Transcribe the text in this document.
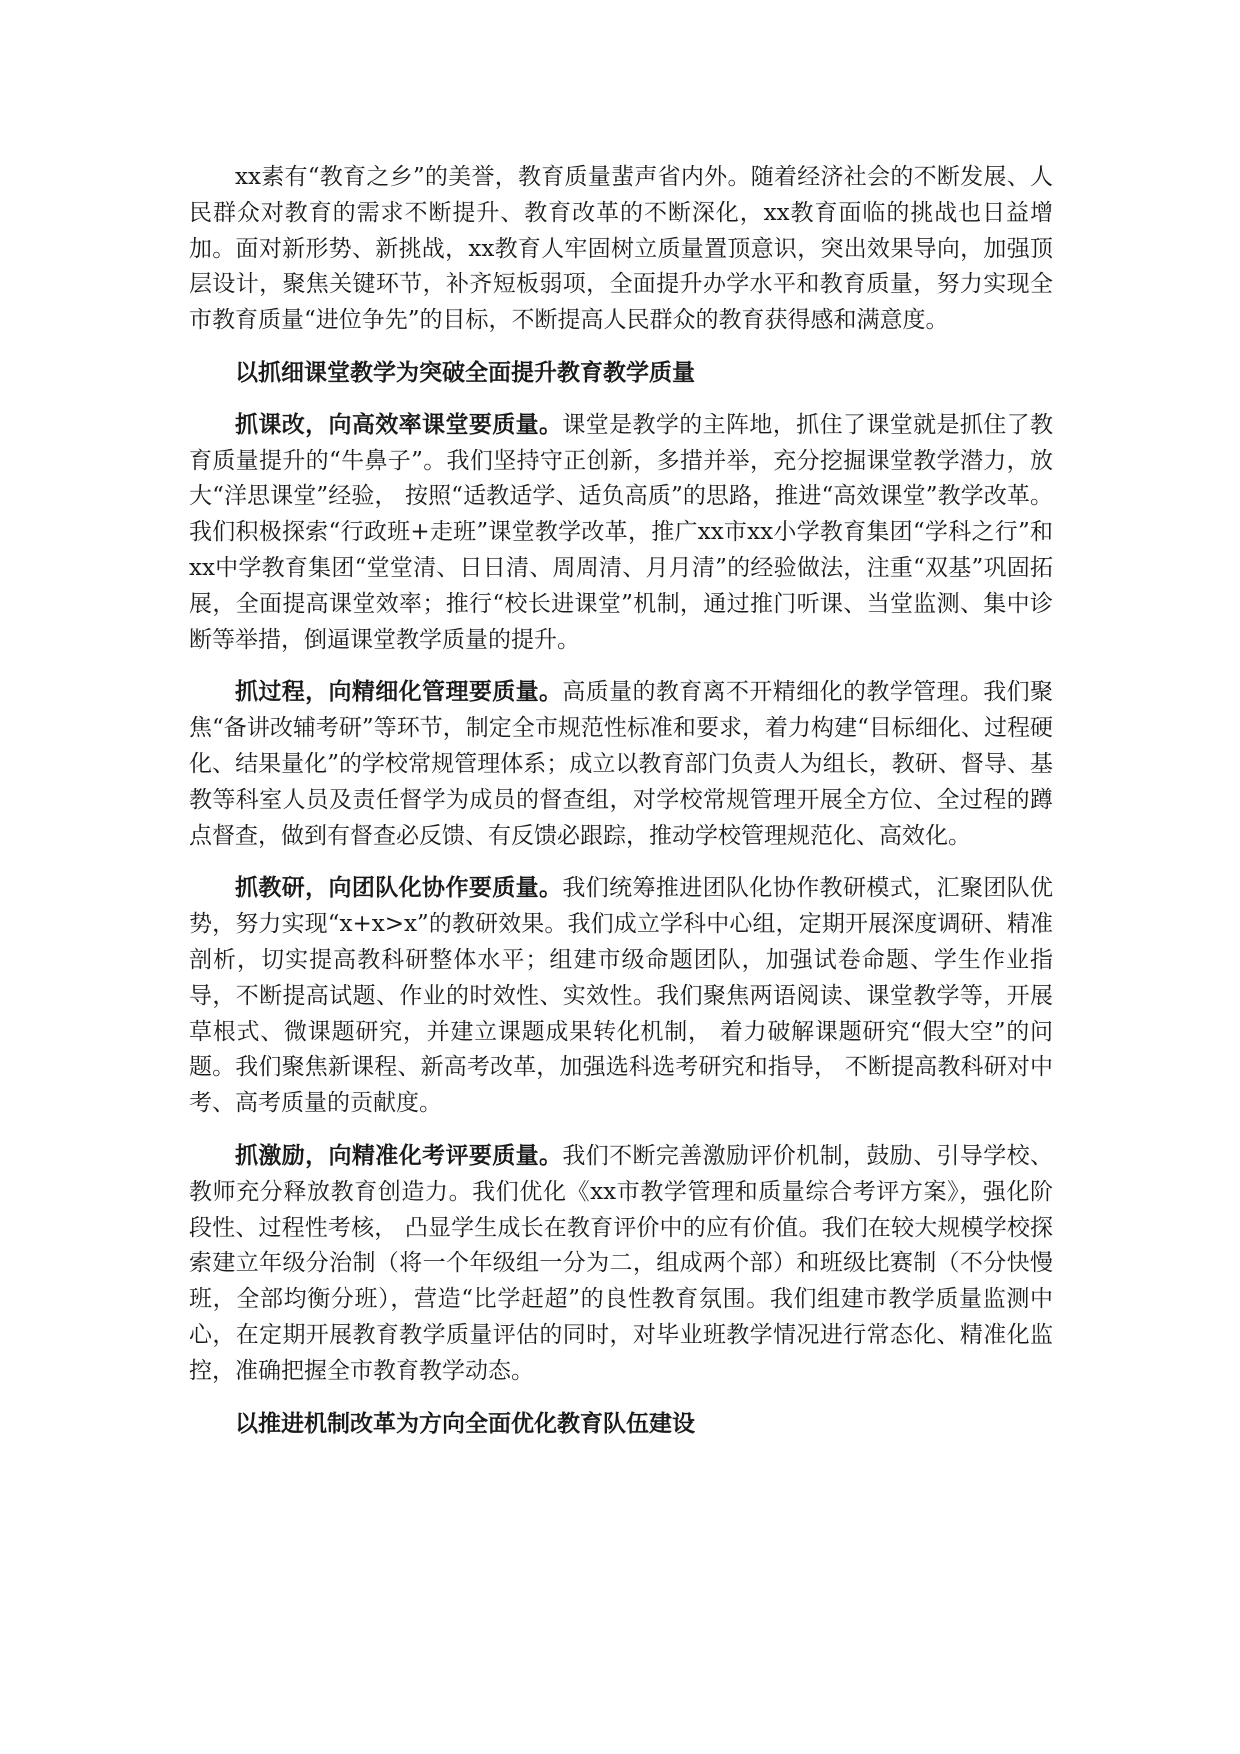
xx素有“教育之乡”的美誉，教育质量蜚声省内外。随着经济社会的不断发展、人民群众对教育的需求不断提升、教育改革的不断深化，xx教育面临的挑战也日益增加。面对新形势、新挑战，xx教育人牢固树立质量置顶意识，突出效果导向，加强顶层设计，聚焦关键环节，补齐短板弱项，全面提升办学水平和教育质量，努力实现全市教育质量“进位争先”的目标，不断提高人民群众的教育获得感和满意度。

以抓细课堂教学为突破全面提升教育教学质量

抓课改，向高效率课堂要质量。课堂是教学的主阵地，抓住了课堂就是抓住了教育质量提升的“牛鼻子”。我们坚持守正创新，多措并举，充分挖掘课堂教学潜力，放大“洋思课堂”经验， 按照“适教适学、适负高质”的思路，推进“高效课堂”教学改革。我们积极探索“行政班+走班”课堂教学改革，推广xx市xx小学教育集团“学科之行”和xx中学教育集团“堂堂清、日日清、周周清、月月清”的经验做法，注重“双基”巩固拓展，全面提高课堂效率；推行“校长进课堂”机制，通过推门听课、当堂监测、集中诊断等举措，倒逼课堂教学质量的提升。

抓过程，向精细化管理要质量。高质量的教育离不开精细化的教学管理。我们聚焦“备讲改辅考研”等环节，制定全市规范性标准和要求，着力构建“目标细化、过程硬化、结果量化”的学校常规管理体系；成立以教育部门负责人为组长，教研、督导、基教等科室人员及责任督学为成员的督查组，对学校常规管理开展全方位、全过程的蹲点督查，做到有督查必反馈、有反馈必跟踪，推动学校管理规范化、高效化。

抓教研，向团队化协作要质量。我们统筹推进团队化协作教研模式，汇聚团队优势，努力实现“x+x>x”的教研效果。我们成立学科中心组，定期开展深度调研、精准剖析，切实提高教科研整体水平；组建市级命题团队，加强试卷命题、学生作业指导，不断提高试题、作业的时效性、实效性。我们聚焦两语阅读、课堂教学等，开展草根式、微课题研究，并建立课题成果转化机制， 着力破解课题研究“假大空”的问题。我们聚焦新课程、新高考改革，加强选科选考研究和指导， 不断提高教科研对中考、高考质量的贡献度。

抓激励，向精准化考评要质量。我们不断完善激励评价机制，鼓励、引导学校、教师充分释放教育创造力。我们优化《xx市教学管理和质量综合考评方案》，强化阶段性、过程性考核， 凸显学生成长在教育评价中的应有价值。我们在较大规模学校探索建立年级分治制（将一个年级组一分为二，组成两个部）和班级比赛制（不分快慢班，全部均衡分班），营造“比学赶超”的良性教育氛围。我们组建市教学质量监测中心，在定期开展教育教学质量评估的同时，对毕业班教学情况进行常态化、精准化监控，准确把握全市教育教学动态。

以推进机制改革为方向全面优化教育队伍建设
